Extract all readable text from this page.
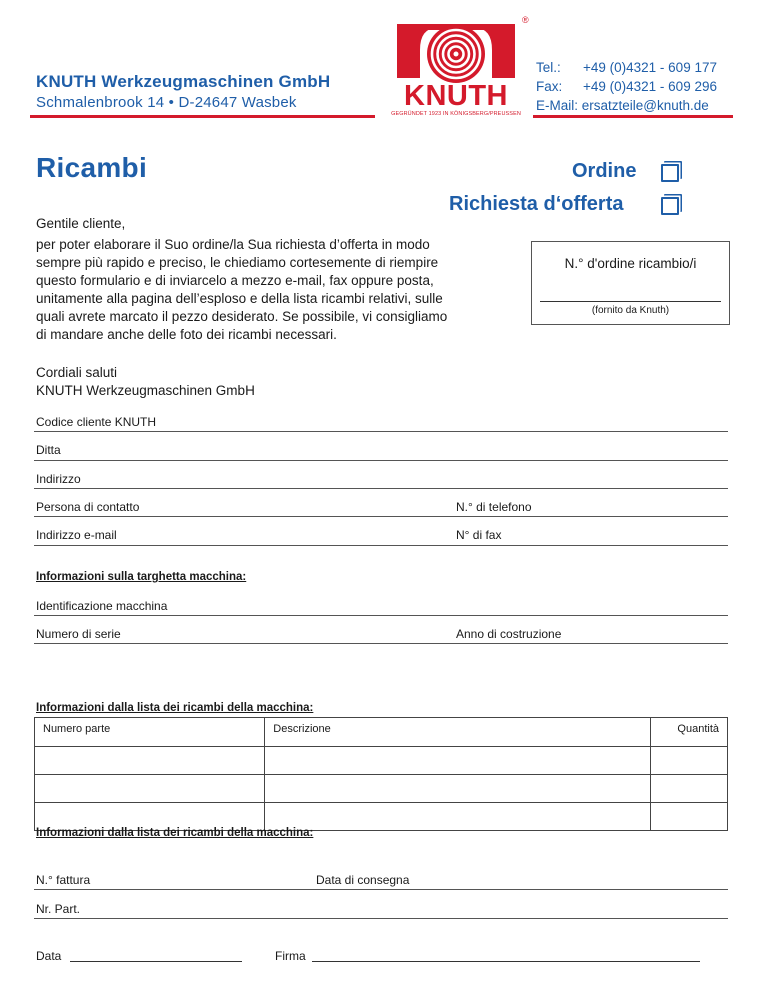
KNUTH Werkzeugmaschinen GmbH
Schmalenbrook 14 • D-24647 Wasbek
®
KNUTH
GEGRÜNDET 1923 IN KÖNIGSBERG/PREUSSEN
Tel.: +49 (0)4321 - 609 177
Fax: +49 (0)4321 - 609 296
E-Mail: ersatzteile@knuth.de
Ricambi	Ordine
Richiesta d‘offerta
Gentile cliente,
per poter elaborare il Suo ordine/la Sua richiesta d’offerta in modo
sempre più rapido e preciso, le chiediamo cortesemente di riempire
questo formulario e di inviarcelo a mezzo e-mail, fax oppure posta,
unitamente alla pagina dell’esploso e della lista ricambi relativi, sulle
quali avrete marcato il pezzo desiderato. Se possibile, vi consigliamo
di mandare anche delle foto dei ricambi necessari.
N.° d'ordine ricambio/i
(fornito da Knuth)
Cordiali saluti
KNUTH Werkzeugmaschinen GmbH
Codice cliente KNUTH
Ditta
Indirizzo
Persona di contatto	N.° di telefono
Indirizzo e-mail	N° di fax
Informazioni sulla targhetta macchina:
Identificazione macchina
Numero di serie	Anno di costruzione
Informazioni dalla lista dei ricambi della macchina:
Numero parte	Descrizione	Quantità

Informazioni dalla lista dei ricambi della macchina:
N.° fattura	Data di consegna
Nr. Part.
Data	Firma
